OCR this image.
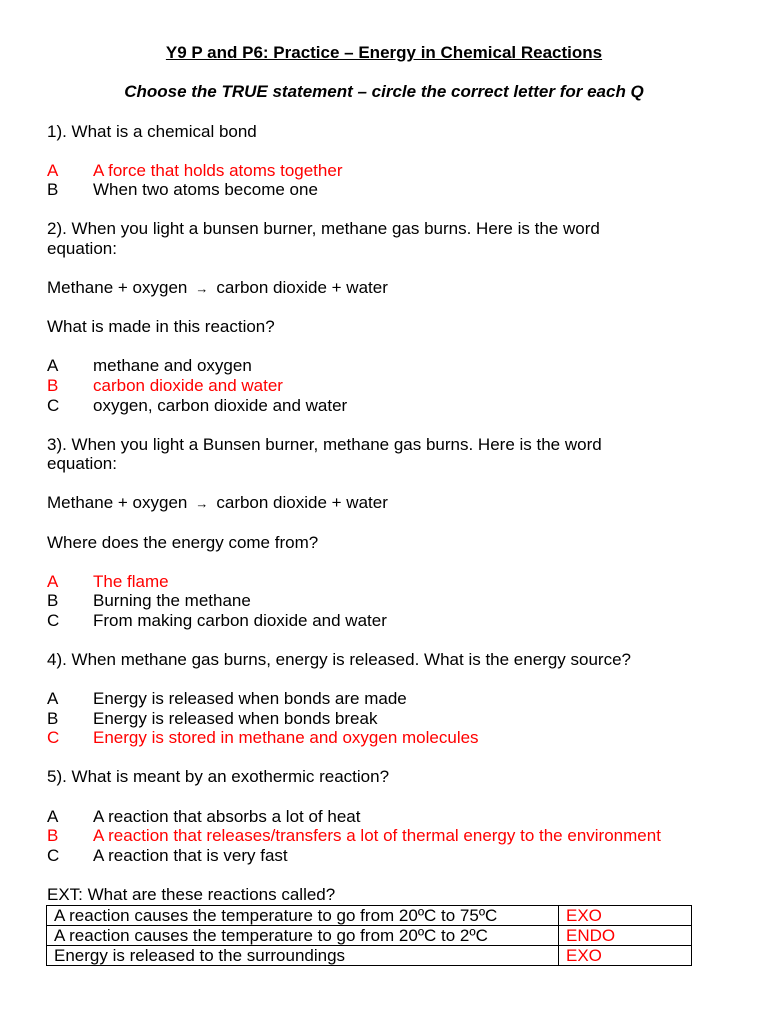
Y9 P and P6: Practice – Energy in Chemical Reactions
Choose the TRUE statement – circle the correct letter for each Q
1). What is a chemical bond
A A force that holds atoms together
B When two atoms become one
2). When you light a bunsen burner, methane gas burns. Here is the word
equation:
Methane + oxygen → carbon dioxide + water
What is made in this reaction?
A methane and oxygen
B carbon dioxide and water
C oxygen, carbon dioxide and water
3). When you light a Bunsen burner, methane gas burns. Here is the word
equation:
Methane + oxygen → carbon dioxide + water
Where does the energy come from?
A The flame
B Burning the methane
C From making carbon dioxide and water
4). When methane gas burns, energy is released. What is the energy source?
A Energy is released when bonds are made
B Energy is released when bonds break
C Energy is stored in methane and oxygen molecules
5). What is meant by an exothermic reaction?
A A reaction that absorbs a lot of heat
B A reaction that releases/transfers a lot of thermal energy to the environment
C A reaction that is very fast
EXT: What are these reactions called?
A reaction causes the temperature to go from 20ºC to 75ºC	EXO
A reaction causes the temperature to go from 20ºC to 2ºC	ENDO
Energy is released to the surroundings	EXO
